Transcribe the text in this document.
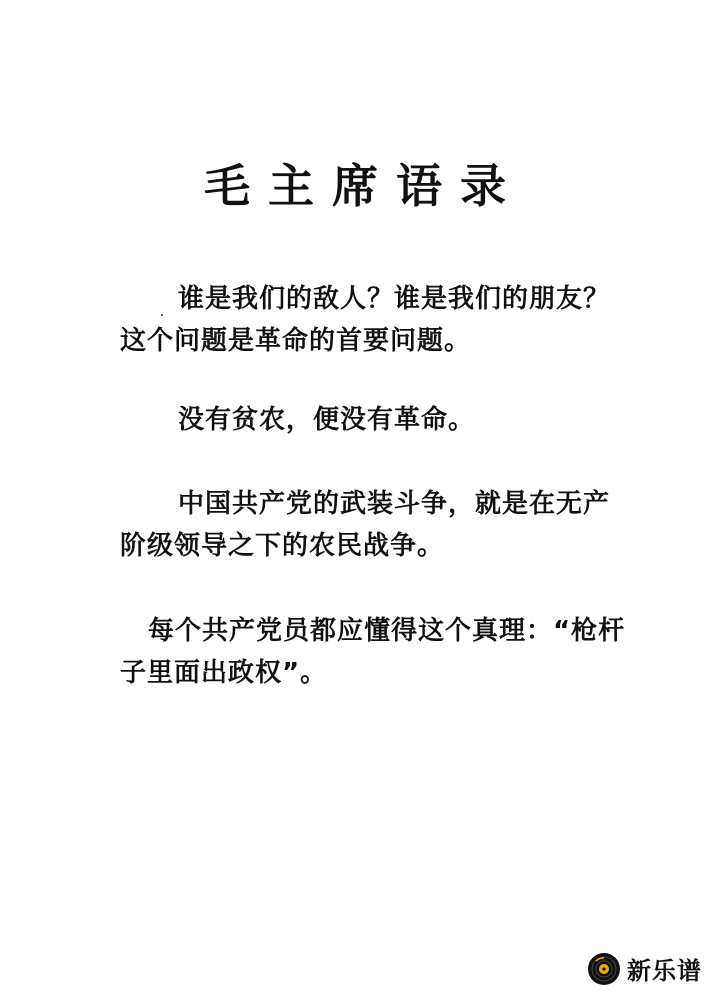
毛主席语录

谁是我们的敌人？谁是我们的朋友？这个问题是革命的首要问题。

没有贫农，便没有革命。

中国共产党的武装斗争，就是在无产阶级领导之下的农民战争。

每个共产党员都应懂得这个真理：“枪杆子里面出政权”。

新乐谱
